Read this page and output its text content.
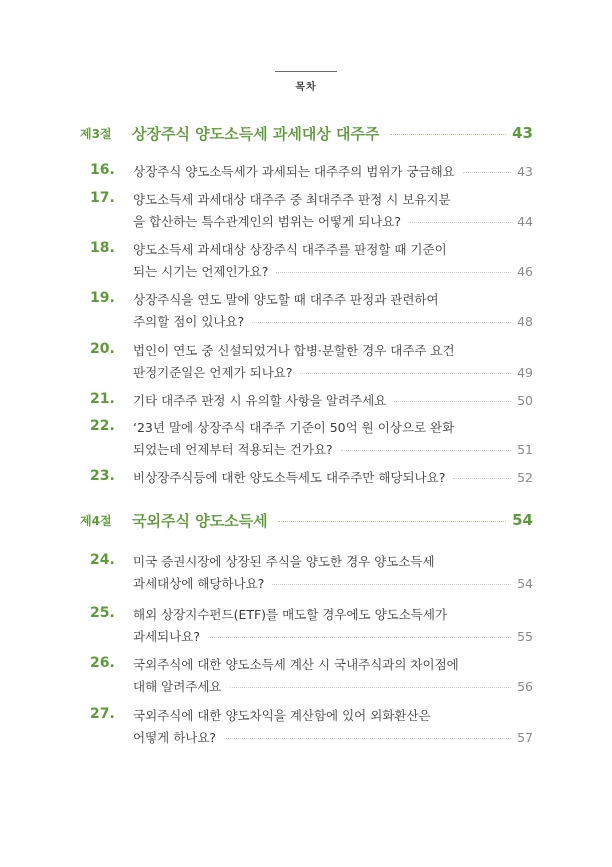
목차
제3절	상장주식 양도소득세 과세대상 대주주	43
16. 상장주식 양도소득세가 과세되는 대주주의 범위가 궁금해요	43
17. 양도소득세 과세대상 대주주 중 최대주주 판정 시 보유지분
을 합산하는 특수관계인의 범위는 어떻게 되나요?	44
18. 양도소득세 과세대상 상장주식 대주주를 판정할 때 기준이
되는 시기는 언제인가요?	46
19. 상장주식을 연도 말에 양도할 때 대주주 판정과 관련하여
주의할 점이 있나요?	48
20. 법인이 연도 중 신설되었거나 합병·분할한 경우 대주주 요건
판정기준일은 언제가 되나요?	49
21. 기타 대주주 판정 시 유의할 사항을 알려주세요	50
22. ‘23년 말에 상장주식 대주주 기준이 50억 원 이상으로 완화
되었는데 언제부터 적용되는 건가요?	51
23. 비상장주식등에 대한 양도소득세도 대주주만 해당되나요?	52
제4절	국외주식 양도소득세	54
24. 미국 증권시장에 상장된 주식을 양도한 경우 양도소득세
과세대상에 해당하나요?	54
25. 해외 상장지수펀드(ETF)를 매도할 경우에도 양도소득세가
과세되나요?	55
26. 국외주식에 대한 양도소득세 계산 시 국내주식과의 차이점에
대해 알려주세요	56
27. 국외주식에 대한 양도차익을 계산함에 있어 외화환산은
어떻게 하나요?	57
